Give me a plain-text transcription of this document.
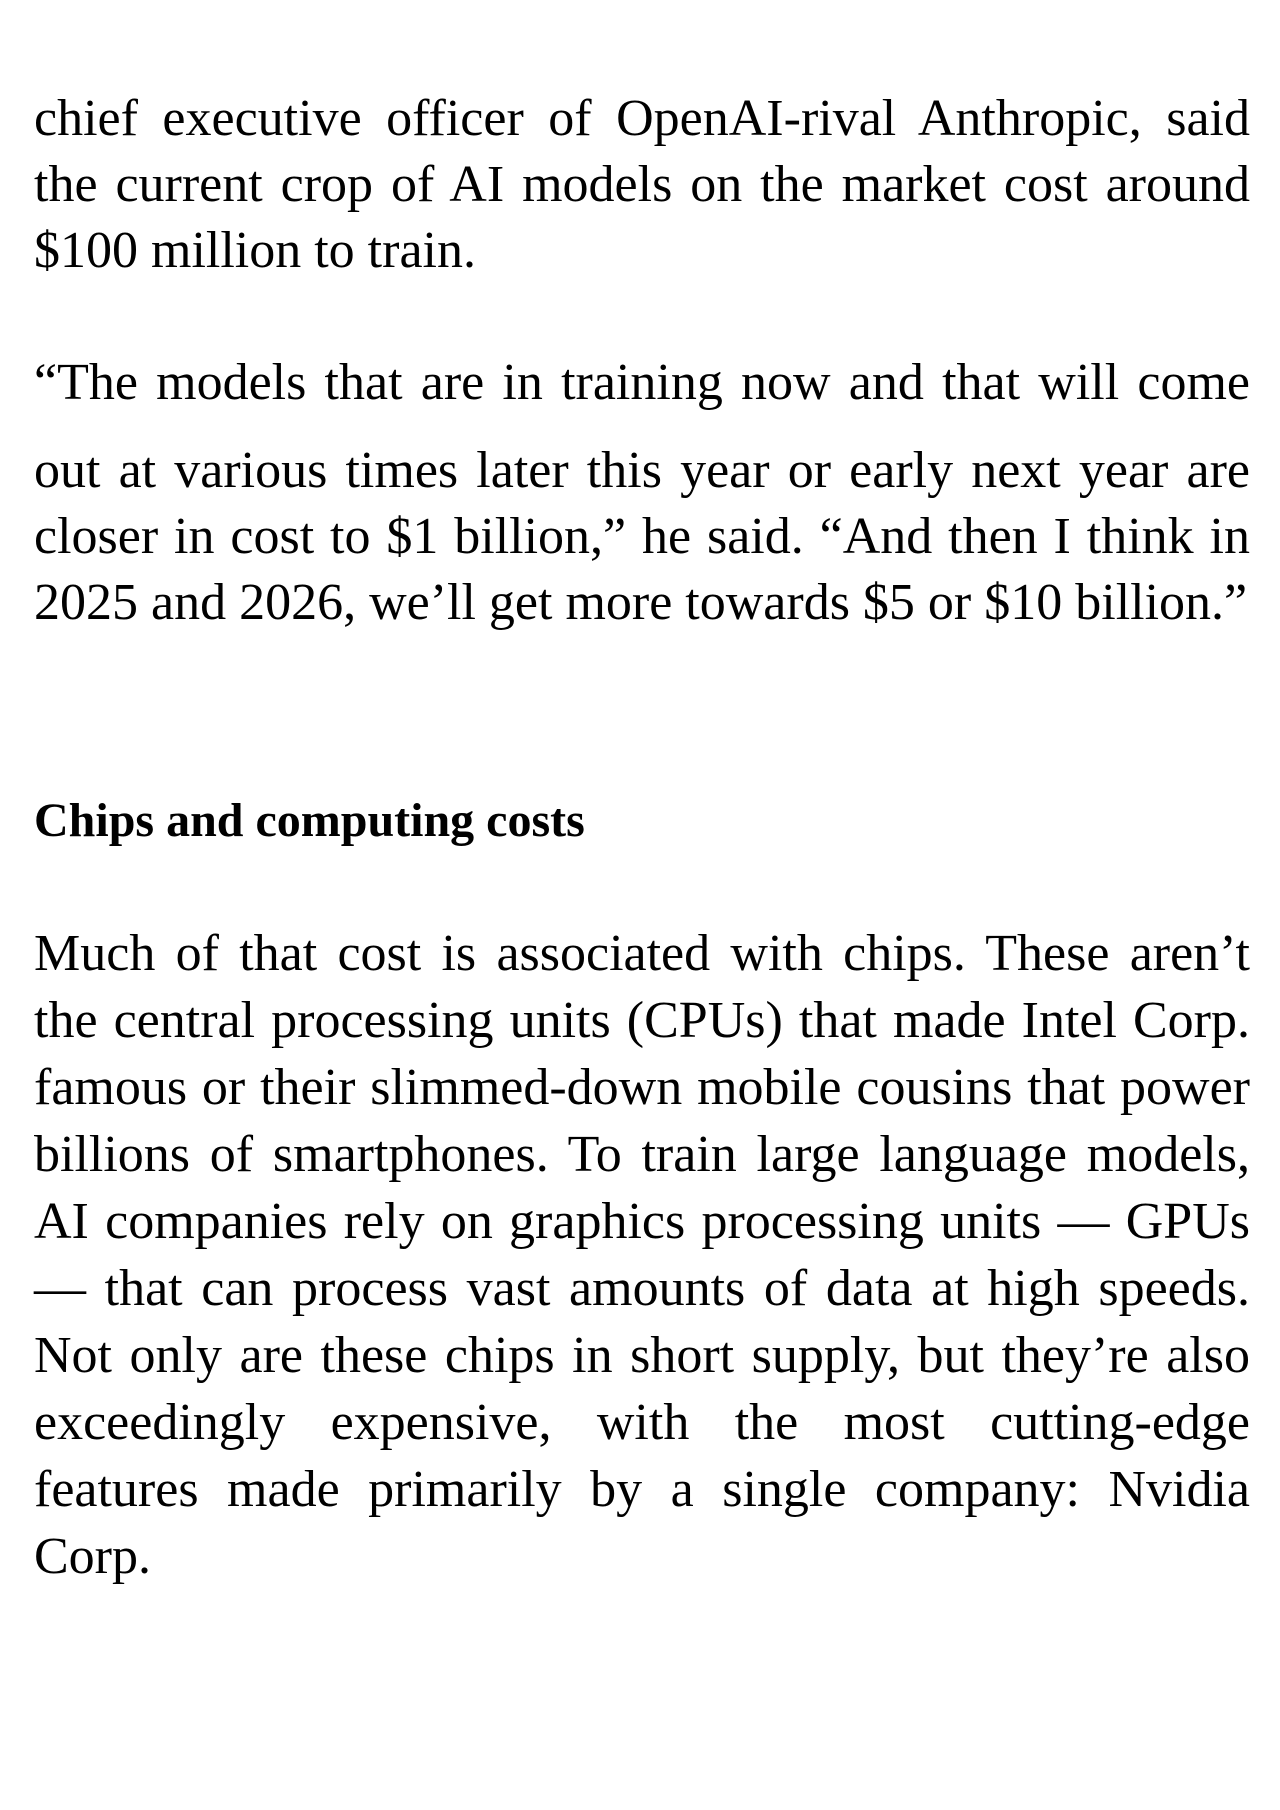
chief executive officer of OpenAI-rival Anthropic, said the current crop of AI models on the market cost around $100 million to train.

“The models that are in training now and that will come
out at various times later this year or early next year are closer in cost to $1 billion,” he said. “And then I think in 2025 and 2026, we’ll get more towards $5 or $10 billion.”

Chips and computing costs

Much of that cost is associated with chips. These aren’t the central processing units (CPUs) that made Intel Corp. famous or their slimmed-down mobile cousins that power billions of smartphones. To train large language models, AI companies rely on graphics processing units — GPUs — that can process vast amounts of data at high speeds. Not only are these chips in short supply, but they’re also exceedingly expensive, with the most cutting-edge features made primarily by a single company: Nvidia Corp.
